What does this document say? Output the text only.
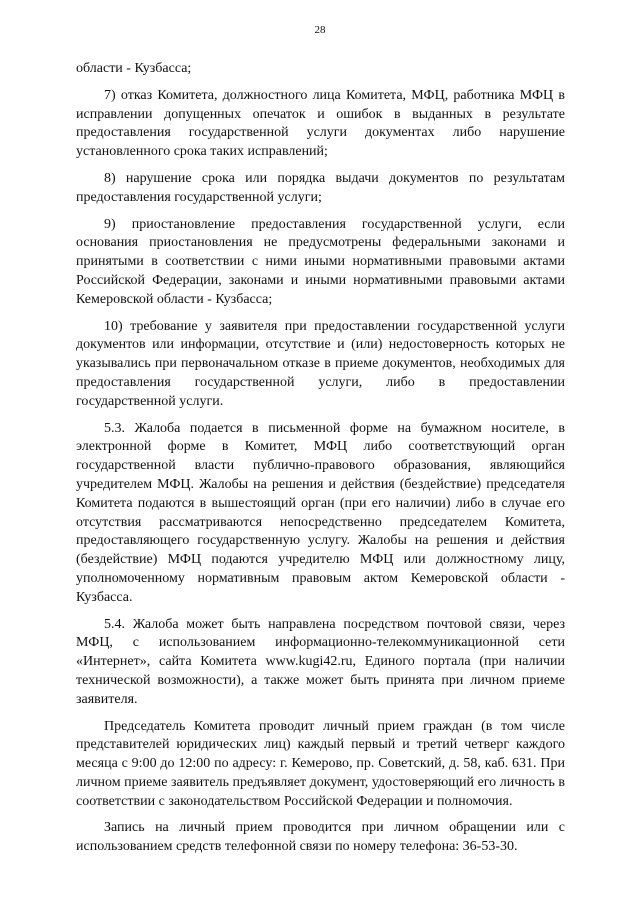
28

области - Кузбасса;

7) отказ Комитета, должностного лица Комитета, МФЦ, работника МФЦ в исправлении допущенных опечаток и ошибок в выданных в результате предоставления государственной услуги документах либо нарушение установленного срока таких исправлений;

8) нарушение срока или порядка выдачи документов по результатам предоставления государственной услуги;

9) приостановление предоставления государственной услуги, если основания приостановления не предусмотрены федеральными законами и принятыми в соответствии с ними иными нормативными правовыми актами Российской Федерации, законами и иными нормативными правовыми актами Кемеровской области - Кузбасса;

10) требование у заявителя при предоставлении государственной услуги документов или информации, отсутствие и (или) недостоверность которых не указывались при первоначальном отказе в приеме документов, необходимых для предоставления государственной услуги, либо в предоставлении государственной услуги.

5.3. Жалоба подается в письменной форме на бумажном носителе, в электронной форме в Комитет, МФЦ либо соответствующий орган государственной власти публично-правового образования, являющийся учредителем МФЦ. Жалобы на решения и действия (бездействие) председателя Комитета подаются в вышестоящий орган (при его наличии) либо в случае его отсутствия рассматриваются непосредственно председателем Комитета, предоставляющего государственную услугу. Жалобы на решения и действия (бездействие) МФЦ подаются учредителю МФЦ или должностному лицу, уполномоченному нормативным правовым актом Кемеровской области - Кузбасса.

5.4. Жалоба может быть направлена посредством почтовой связи, через МФЦ, с использованием информационно-телекоммуникационной сети «Интернет», сайта Комитета www.kugi42.ru, Единого портала (при наличии технической возможности), а также может быть принята при личном приеме заявителя.

Председатель Комитета проводит личный прием граждан (в том числе представителей юридических лиц) каждый первый и третий четверг каждого месяца с 9:00 до 12:00 по адресу: г. Кемерово, пр. Советский, д. 58, каб. 631. При личном приеме заявитель предъявляет документ, удостоверяющий его личность в соответствии с законодательством Российской Федерации и полномочия.

Запись на личный прием проводится при личном обращении или с использованием средств телефонной связи по номеру телефона: 36-53-30.
